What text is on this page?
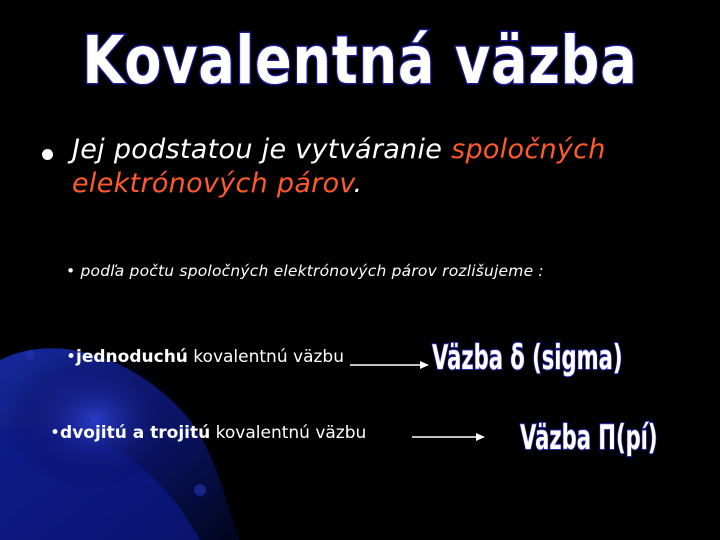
Kovalentná väzba
Jej podstatou je vytváranie spoločných elektrónových párov.
• podľa počtu spoločných elektrónových párov rozlišujeme :
•jednoduchú kovalentnú väzbu
•dvojitú a trojitú kovalentnú väzbu
Väzba δ (sigma)
Väzba Π(pí)
